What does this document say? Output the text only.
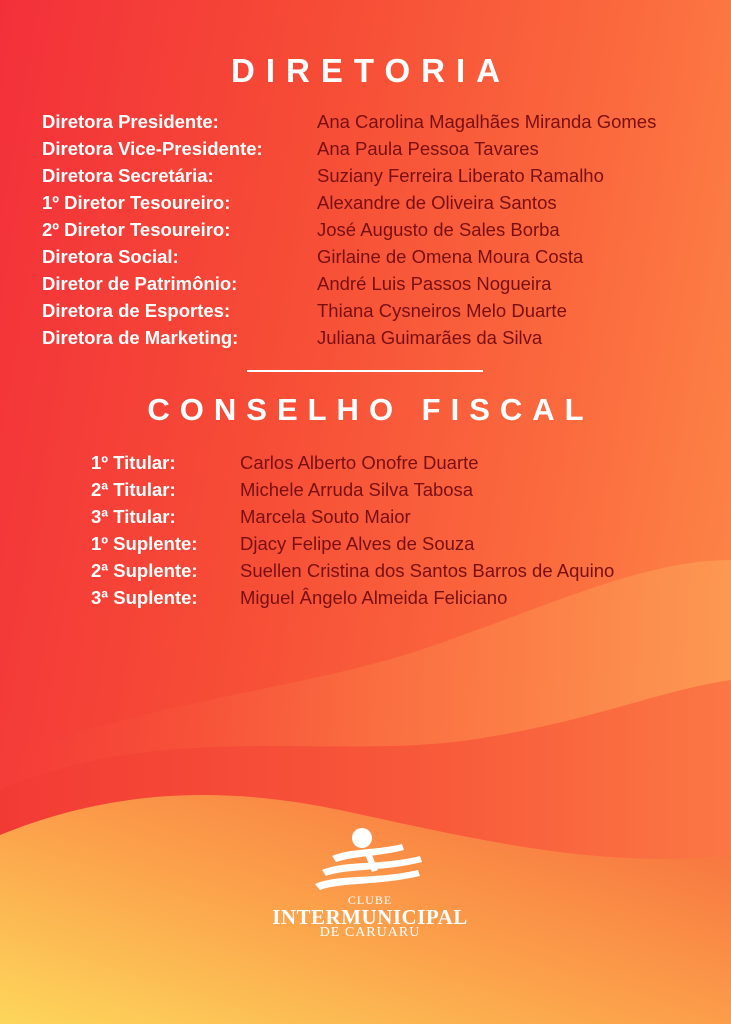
DIRETORIA
Diretora Presidente:	Ana Carolina Magalhães Miranda Gomes
Diretora Vice-Presidente:	Ana Paula Pessoa Tavares
Diretora Secretária:	Suziany Ferreira Liberato Ramalho
1º Diretor Tesoureiro:	Alexandre de Oliveira Santos
2º Diretor Tesoureiro:	José Augusto de Sales Borba
Diretora Social:	Girlaine de Omena Moura Costa
Diretor de Patrimônio:	André Luis Passos Nogueira
Diretora de Esportes:	Thiana Cysneiros Melo Duarte
Diretora de Marketing:	Juliana Guimarães da Silva
CONSELHO FISCAL
1º Titular:	Carlos Alberto Onofre Duarte
2ª Titular:	Michele Arruda Silva Tabosa
3ª Titular:	Marcela Souto Maior
1º Suplente: Djacy Felipe Alves de Souza
2ª Suplente: Suellen Cristina dos Santos Barros de Aquino
3ª Suplente: Miguel Ângelo Almeida Feliciano
CLUBE
INTERMUNICIPAL
DE CARUARU
